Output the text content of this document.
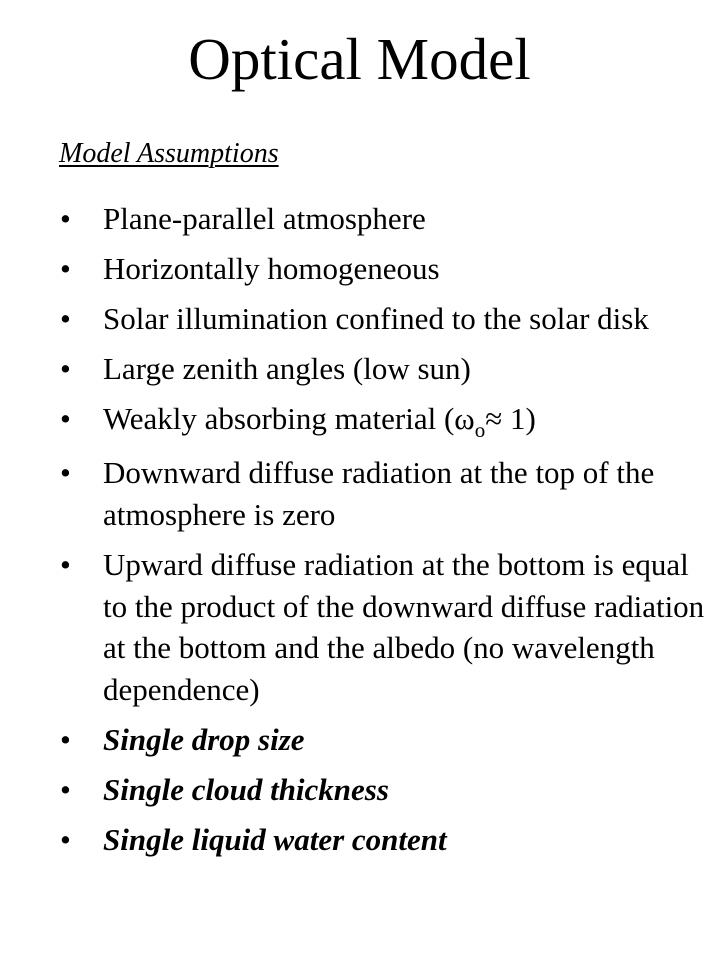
Optical Model
Model Assumptions
• Plane-parallel atmosphere
• Horizontally homogeneous
• Solar illumination confined to the solar disk
• Large zenith angles (low sun)
• Weakly absorbing material $(\omega_o\approx 1)$
• Downward diffuse radiation at the top of the atmosphere is zero
• Upward diffuse radiation at the bottom is equal to the product of the downward diffuse radiation at the bottom and the albedo (no wavelength dependence)
• Single drop size
• Single cloud thickness
• Single liquid water content
